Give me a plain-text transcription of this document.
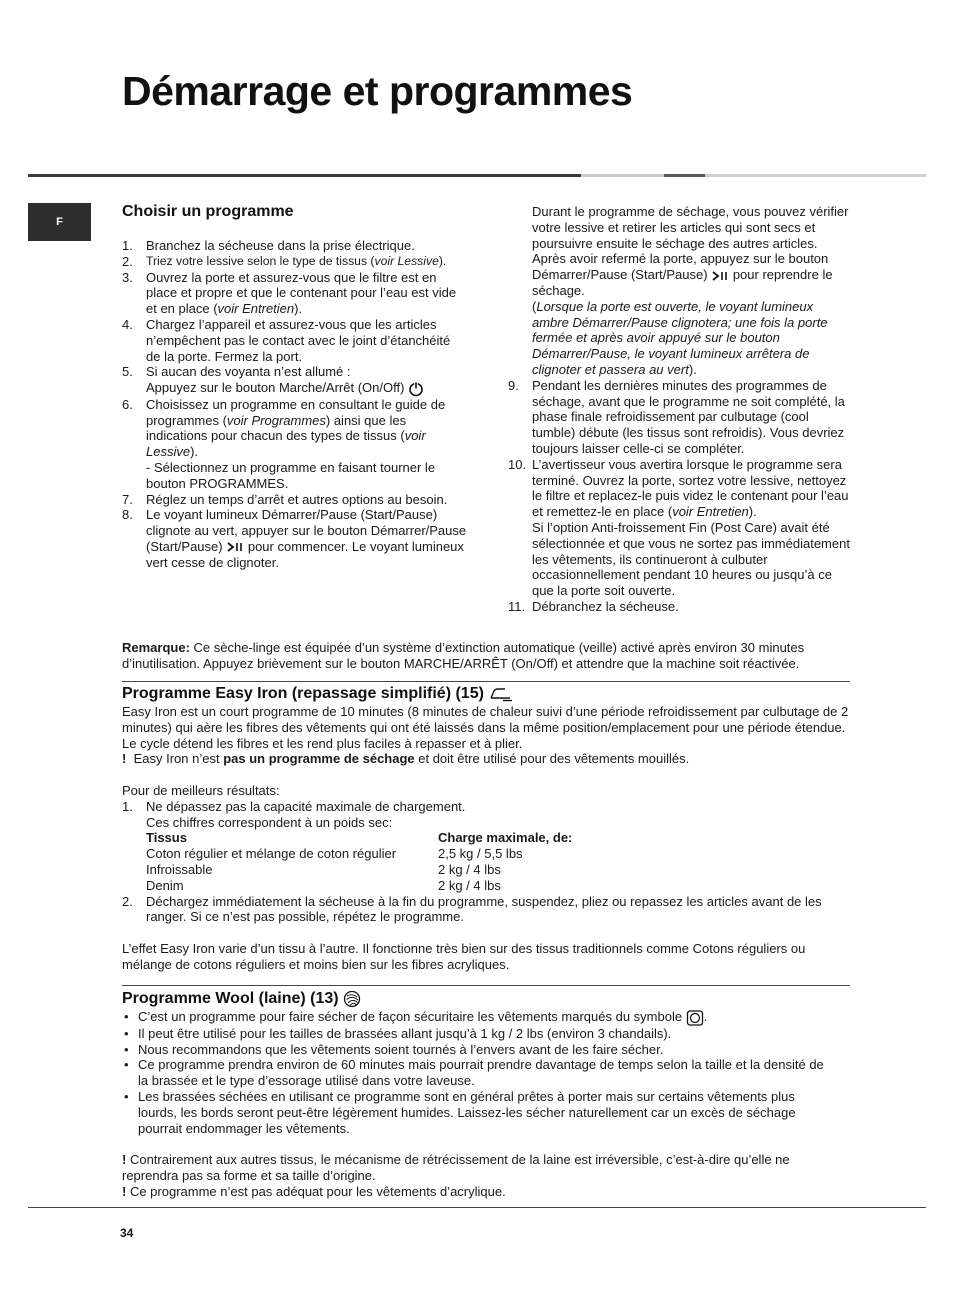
Démarrage et programmes
F
Choisir un programme
1. Branchez la sécheuse dans la prise électrique.
2. Triez votre lessive selon le type de tissus (voir Lessive).
3. Ouvrez la porte et assurez-vous que le filtre est en place et propre et que le contenant pour l’eau est vide et en place (voir Entretien).
4. Chargez l’appareil et assurez-vous que les articles n’empêchent pas le contact avec le joint d’étanchéité de la porte. Fermez la port.
5. Si aucan des voyanta n’est allumé :
Appuyez sur le bouton Marche/Arrêt (On/Off)
6. Choisissez un programme en consultant le guide de programmes (voir Programmes) ainsi que les indications pour chacun des types de tissus (voir Lessive).
- Sélectionnez un programme en faisant tourner le bouton PROGRAMMES.
7. Réglez un temps d’arrêt et autres options au besoin.
8. Le voyant lumineux Démarrer/Pause (Start/Pause) clignote au vert, appuyer sur le bouton Démarrer/Pause (Start/Pause) pour commencer. Le voyant lumineux vert cesse de clignoter.
Durant le programme de séchage, vous pouvez vérifier votre lessive et retirer les articles qui sont secs et poursuivre ensuite le séchage des autres articles. Après avoir refermé la porte, appuyez sur le bouton Démarrer/Pause (Start/Pause) pour reprendre le séchage.
(Lorsque la porte est ouverte, le voyant lumineux ambre Démarrer/Pause clignotera; une fois la porte fermée et après avoir appuyé sur le bouton Démarrer/Pause, le voyant lumineux arrêtera de clignoter et passera au vert).
9. Pendant les dernières minutes des programmes de séchage, avant que le programme ne soit complété, la phase finale refroidissement par culbutage (cool tumble) débute (les tissus sont refroidis). Vous devriez toujours laisser celle-ci se compléter.
10. L’avertisseur vous avertira lorsque le programme sera terminé. Ouvrez la porte, sortez votre lessive, nettoyez le filtre et replacez-le puis videz le contenant pour l’eau et remettez-le en place (voir Entretien).
Si l’option Anti-froissement Fin (Post Care) avait été sélectionnée et que vous ne sortez pas immédiatement les vêtements, ils continueront à culbuter occasionnellement pendant 10 heures ou jusqu’à ce que la porte soit ouverte.
11. Débranchez la sécheuse.
Remarque: Ce sèche-linge est équipée d’un système d’extinction automatique (veille) activé après environ 30 minutes d’inutilisation. Appuyez brièvement sur le bouton MARCHE/ARRÊT (On/Off) et attendre que la machine soit réactivée.
Programme Easy Iron (repassage simplifié) (15)
Easy Iron est un court programme de 10 minutes (8 minutes de chaleur suivi d’une période refroidissement par culbutage de 2 minutes) qui aère les fibres des vêtements qui ont été laissés dans la même position/emplacement pour une période étendue. Le cycle détend les fibres et les rend plus faciles à repasser et à plier.
! Easy Iron n’est pas un programme de séchage et doit être utilisé pour des vêtements mouillés.
Pour de meilleurs résultats:
1. Ne dépassez pas la capacité maximale de chargement.
Ces chiffres correspondent à un poids sec:
Tissus	Charge maximale, de:
Coton régulier et mélange de coton régulier	2,5 kg / 5,5 lbs
Infroissable	2 kg / 4 lbs
Denim	2 kg / 4 lbs
2. Déchargez immédiatement la sécheuse à la fin du programme, suspendez, pliez ou repassez les articles avant de les ranger. Si ce n’est pas possible, répétez le programme.
L’effet Easy Iron varie d’un tissu à l’autre. Il fonctionne très bien sur des tissus traditionnels comme Cotons réguliers ou mélange de cotons réguliers et moins bien sur les fibres acryliques.
Programme Wool (laine) (13)
• C’est un programme pour faire sécher de façon sécuritaire les vêtements marqués du symbole .
• Il peut être utilisé pour les tailles de brassées allant jusqu’à 1 kg / 2 lbs (environ 3 chandails).
• Nous recommandons que les vêtements soient tournés à l’envers avant de les faire sécher.
• Ce programme prendra environ de 60 minutes mais pourrait prendre davantage de temps selon la taille et la densité de la brassée et le type d’essorage utilisé dans votre laveuse.
• Les brassées séchées en utilisant ce programme sont en général prêtes à porter mais sur certains vêtements plus lourds, les bords seront peut-être légèrement humides. Laissez-les sécher naturellement car un excès de séchage pourrait endommager les vêtements.
! Contrairement aux autres tissus, le mécanisme de rétrécissement de la laine est irréversible, c’est-à-dire qu’elle ne reprendra pas sa forme et sa taille d’origine.
! Ce programme n’est pas adéquat pour les vêtements d’acrylique.
34
